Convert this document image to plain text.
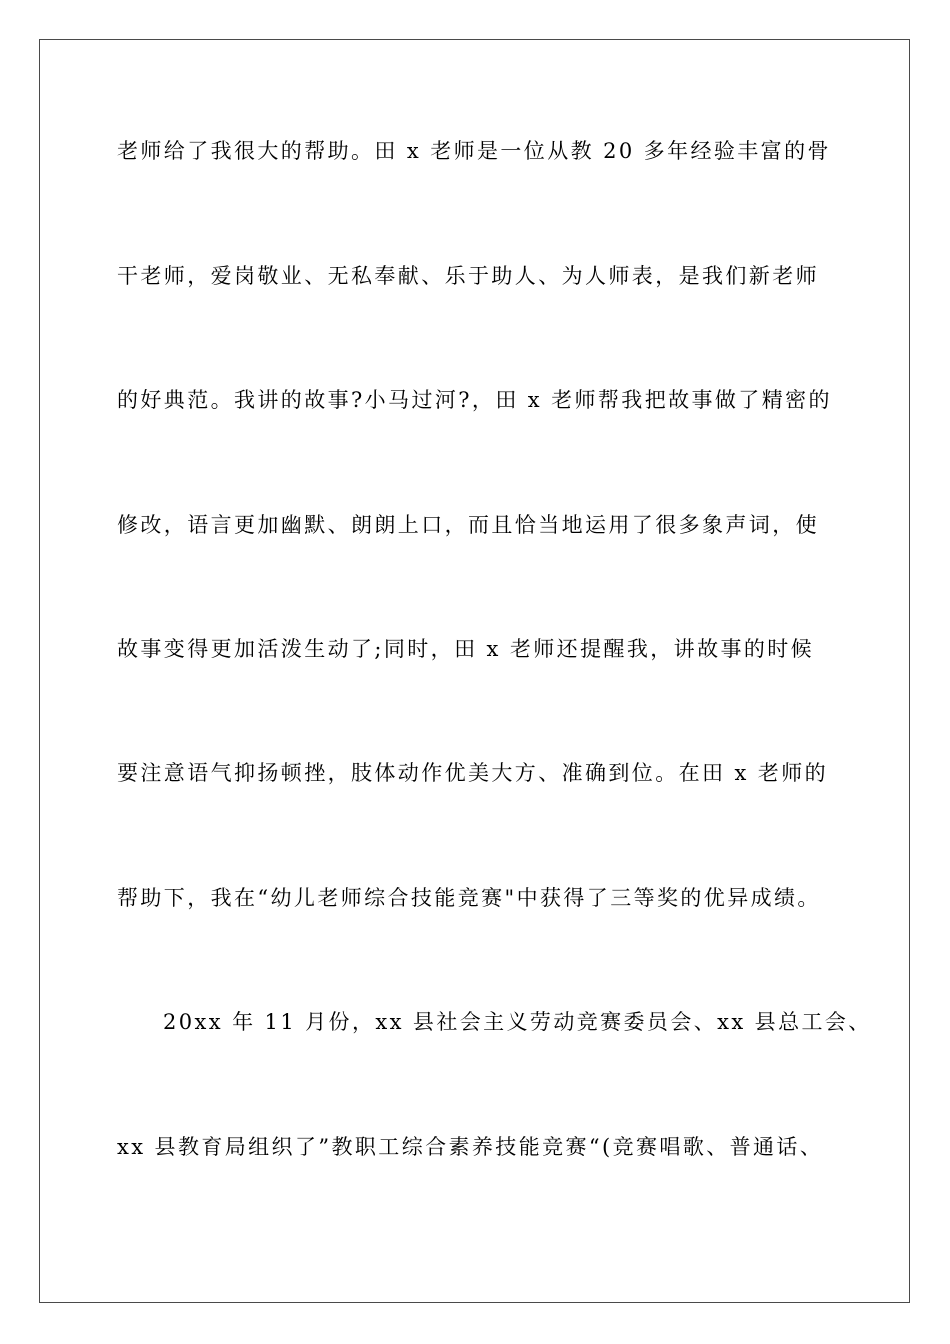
老师给了我很大的帮助。田 x 老师是一位从教 20 多年经验丰富的骨
干老师，爱岗敬业、无私奉献、乐于助人、为人师表，是我们新老师
的好典范。我讲的故事?小马过河?，田 x 老师帮我把故事做了精密的
修改，语言更加幽默、朗朗上口，而且恰当地运用了很多象声词，使
故事变得更加活泼生动了;同时，田 x 老师还提醒我，讲故事的时候
要注意语气抑扬顿挫，肢体动作优美大方、准确到位。在田 x 老师的
帮助下，我在“幼儿老师综合技能竞赛"中获得了三等奖的优异成绩。
20xx 年 11 月份，xx 县社会主义劳动竞赛委员会、xx 县总工会、
xx 县教育局组织了”教职工综合素养技能竞赛“(竞赛唱歌、普通话、
